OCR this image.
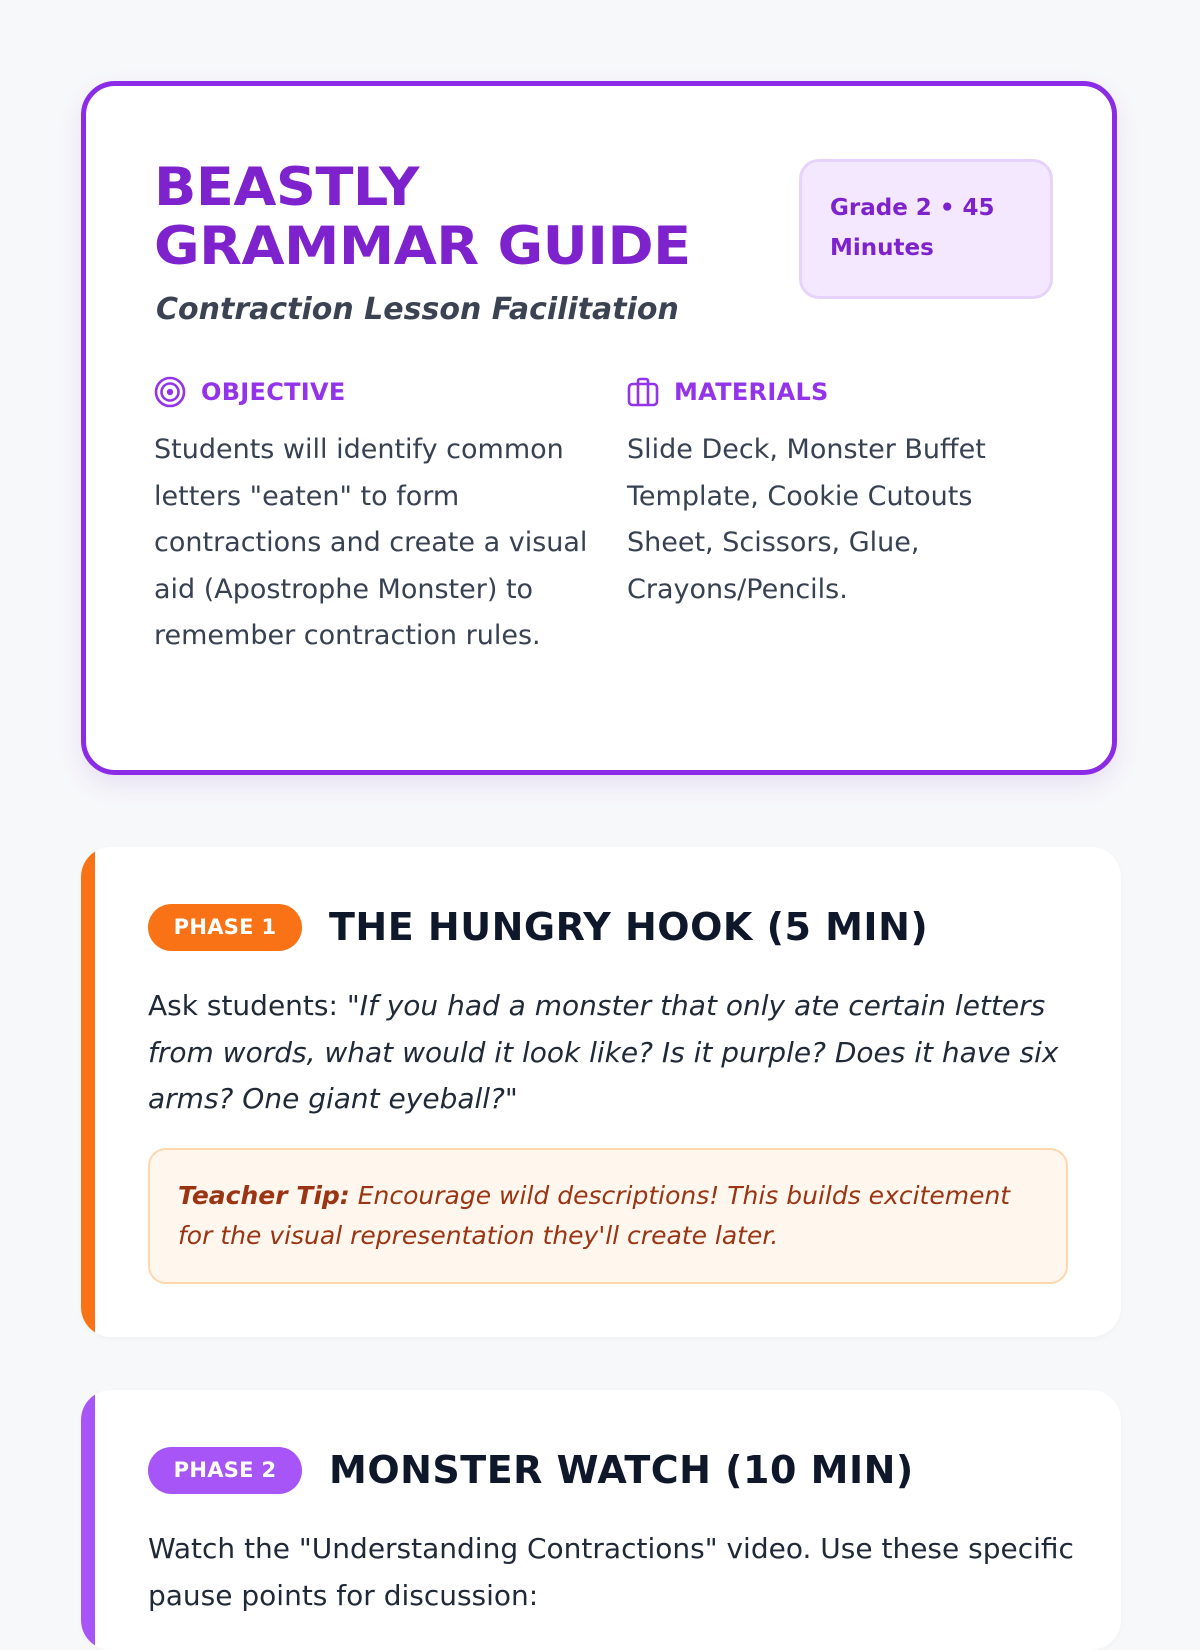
BEASTLY
GRAMMAR GUIDE

Contraction Lesson Facilitation

Grade 2 • 45
Minutes
OBJECTIVE

Students will identify common letters "eaten" to form contractions and create a visual aid (Apostrophe Monster) to remember contraction rules.

MATERIALS

Slide Deck, Monster Buffet Template, Cookie Cutouts Sheet, Scissors, Glue, Crayons/Pencils.

PHASE 1	THE HUNGRY HOOK (5 MIN)

Ask students: "If you had a monster that only ate certain letters from words, what would it look like? Is it purple? Does it have six arms? One giant eyeball?"

Teacher Tip: Encourage wild descriptions! This builds excitement for the visual representation they'll create later.
PHASE 2	MONSTER WATCH (10 MIN)

Watch the "Understanding Contractions" video. Use these specific pause points for discussion:
